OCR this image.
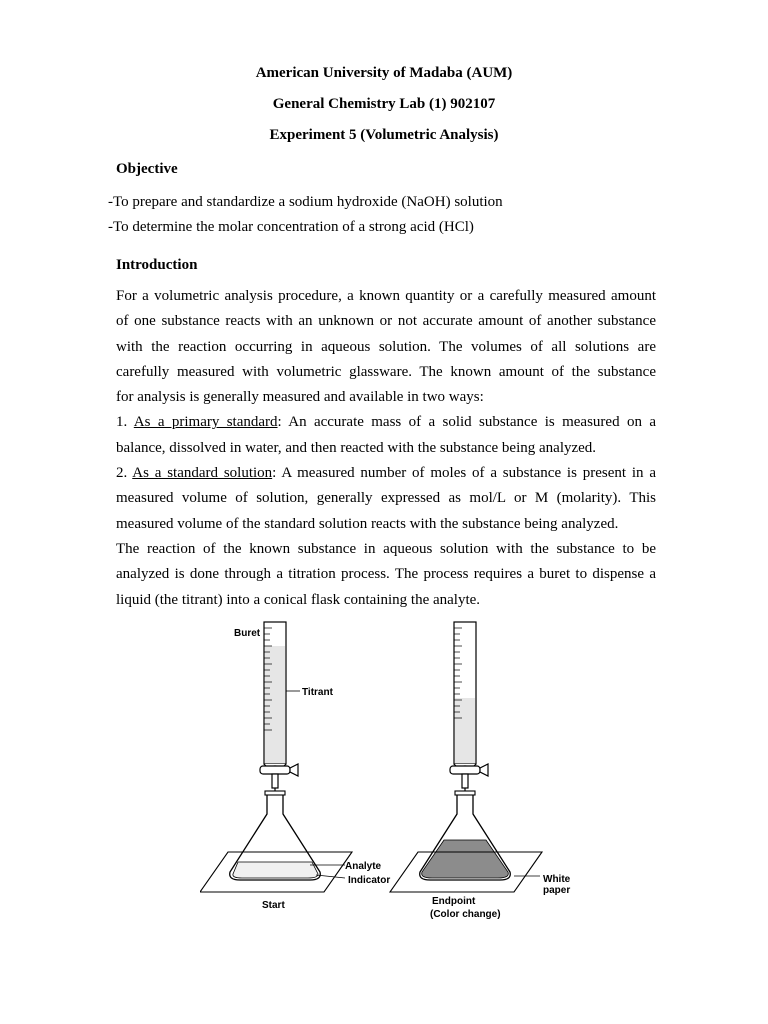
American University of Madaba (AUM)
General Chemistry Lab (1) 902107
Experiment 5 (Volumetric Analysis)
Objective
-To prepare and standardize a sodium hydroxide (NaOH) solution
-To determine the molar concentration of a strong acid (HCl)
Introduction
For a volumetric analysis procedure, a known quantity or a carefully measured amount
of one substance reacts with an unknown or not accurate amount of another substance
with the reaction occurring in aqueous solution. The volumes of all solutions are
carefully measured with volumetric glassware. The known amount of the substance
for analysis is generally measured and available in two ways:
1. As a primary standard: An accurate mass of a solid substance is measured on a
balance, dissolved in water, and then reacted with the substance being analyzed.
2. As a standard solution: A measured number of moles of a substance is present in a
measured volume of solution, generally expressed as mol/L or M (molarity). This
measured volume of the standard solution reacts with the substance being analyzed.
The reaction of the known substance in aqueous solution with the substance to be
analyzed is done through a titration process. The process requires a buret to dispense a
liquid (the titrant) into a conical flask containing the analyte.
Buret
Titrant
Analyte
Indicator
Start
White
paper
Endpoint
(Color change)
